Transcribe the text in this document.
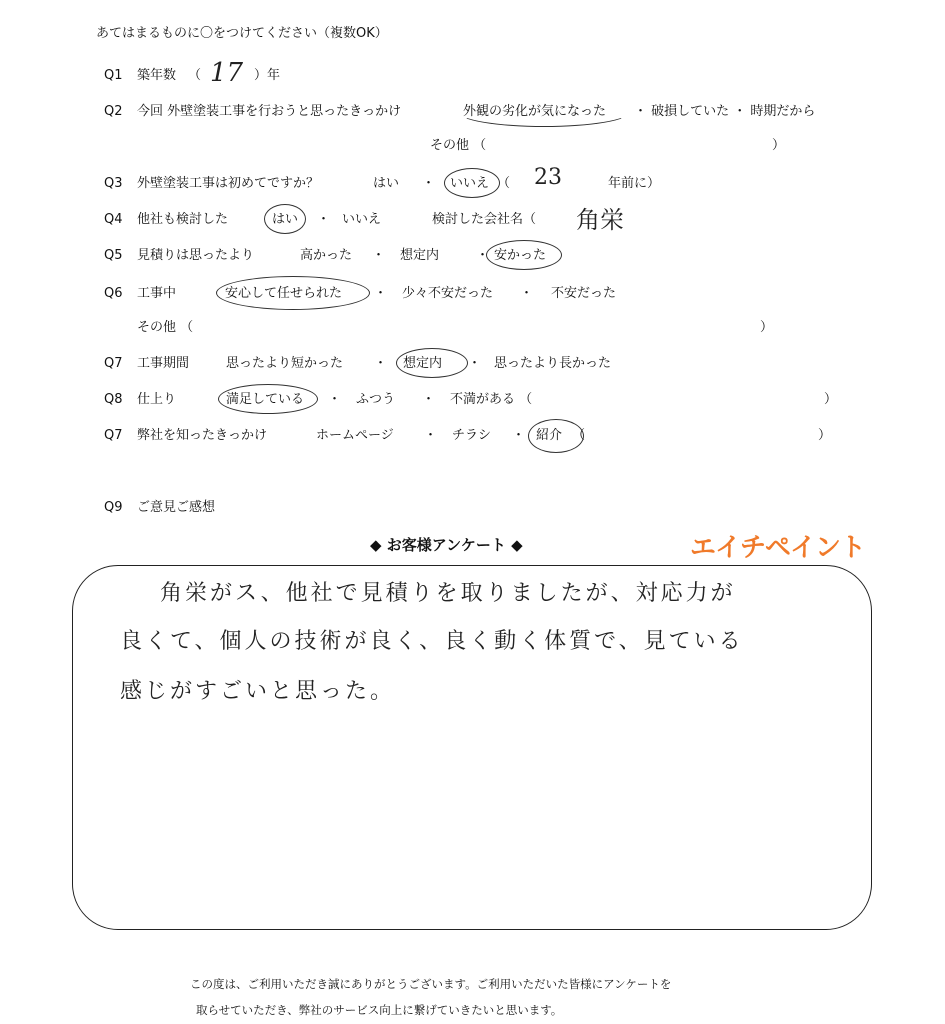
あてはまるものに〇をつけてください（複数OK）
Q1 築年数 （ 17 ）年
Q2 今回 外壁塗装工事を行おうと思ったきっかけ	外観の劣化が気になった ・ 破損していた ・ 時期だから
その他 （	）
Q3 外壁塗装工事は初めてですか？	はい ・ いいえ （ 23	年前に）
Q4 他社も検討した	はい ・ いいえ	検討した会社名（ 角栄
Q5 見積りは思ったより	高かった ・ 想定内	・ 安かった
Q6 工事中	安心して任せられた ・ 少々不安だった ・ 不安だった
その他 （	）
Q7 工事期間	思ったより短かった ・ 想定内 ・ 思ったより長かった
Q8 仕上り	満足している ・ ふつう ・ 不満がある （	）
Q7 弊社を知ったきっかけ	ホームページ ・ チラシ ・ 紹介 （	）
Q9 ご意見ご感想
◆ お客様アンケート ◆	エイチペイント
角栄がス、他社で見積りを取りましたが、対応力が
良くて、個人の技術が良く、良く動く体質で、見ている
感じがすごいと思った。
この度は、ご利用いただき誠にありがとうございます。ご利用いただいた皆様にアンケートを
取らせていただき、弊社のサービス向上に繋げていきたいと思います。
